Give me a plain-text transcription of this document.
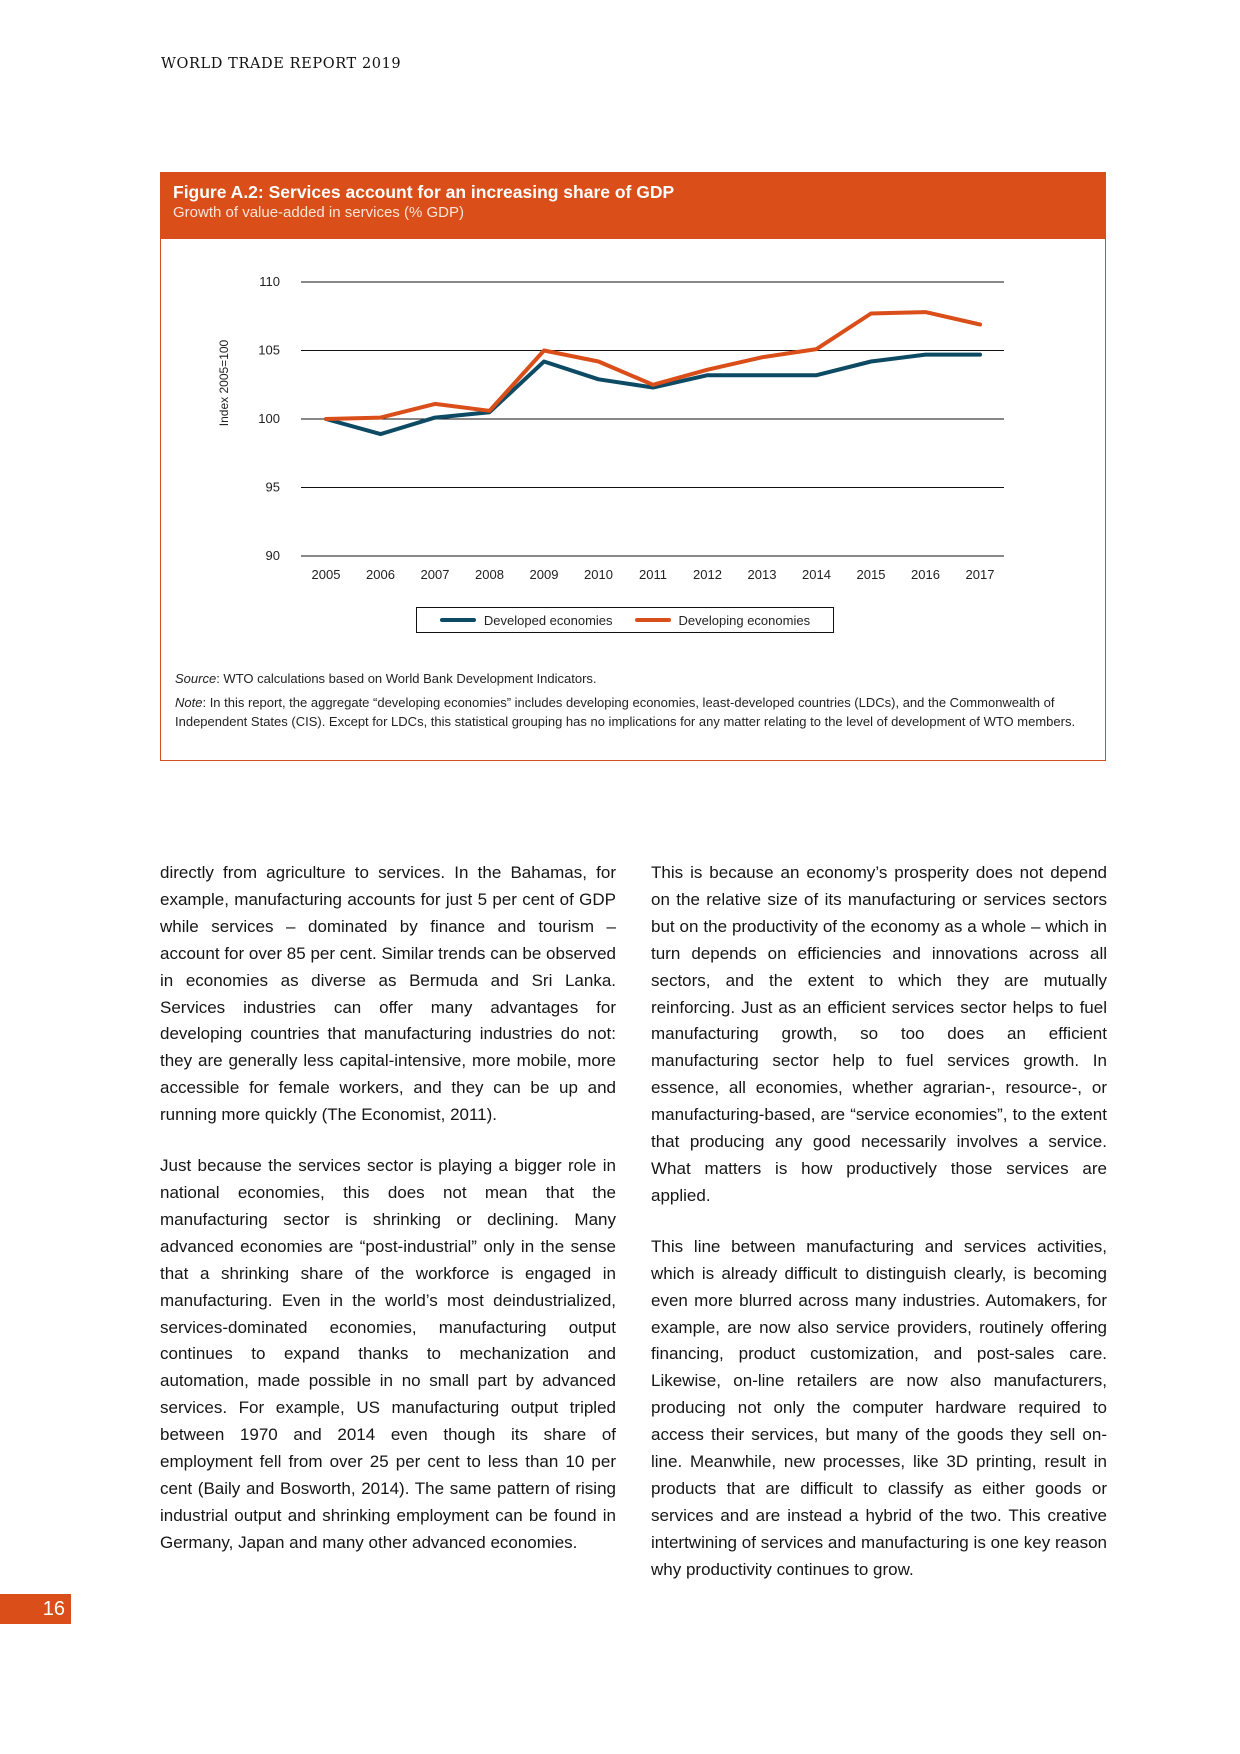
WORLD TRADE REPORT 2019
Figure A.2: Services account for an increasing share of GDP
Growth of value-added in services (% GDP)
110
105
100
95
90
2005 2006 2007 2008 2009 2010 2011 2012 2013 2014 2015 2016 2017
Index 2005=100
Developed economies	Developing economies
Source: WTO calculations based on World Bank Development Indicators.
Note: In this report, the aggregate “developing economies” includes developing economies, least-developed countries (LDCs), and the Commonwealth of Independent States (CIS). Except for LDCs, this statistical grouping has no implications for any matter relating to the level of development of WTO members.

directly from agriculture to services. In the Bahamas, for example, manufacturing accounts for just 5 per cent of GDP while services – dominated by finance and tourism – account for over 85 per cent. Similar trends can be observed in economies as diverse as Bermuda and Sri Lanka. Services industries can offer many advantages for developing countries that manufacturing industries do not: they are generally less capital-intensive, more mobile, more accessible for female workers, and they can be up and running more quickly (The Economist, 2011).

Just because the services sector is playing a bigger role in national economies, this does not mean that the manufacturing sector is shrinking or declining. Many advanced economies are “post-industrial” only in the sense that a shrinking share of the workforce is engaged in manufacturing. Even in the world’s most deindustrialized, services-dominated economies, manufacturing output continues to expand thanks to mechanization and automation, made possible in no small part by advanced services. For example, US manufacturing output tripled between 1970 and 2014 even though its share of employment fell from over 25 per cent to less than 10 per cent (Baily and Bosworth, 2014). The same pattern of rising industrial output and shrinking employment can be found in Germany, Japan and many other advanced economies.

This is because an economy’s prosperity does not depend on the relative size of its manufacturing or services sectors but on the productivity of the economy as a whole – which in turn depends on efficiencies and innovations across all sectors, and the extent to which they are mutually reinforcing. Just as an efficient services sector helps to fuel manufacturing growth, so too does an efficient manufacturing sector help to fuel services growth. In essence, all economies, whether agrarian-, resource-, or manufacturing-based, are “service economies”, to the extent that producing any good necessarily involves a service. What matters is how productively those services are applied.

This line between manufacturing and services activities, which is already difficult to distinguish clearly, is becoming even more blurred across many industries. Automakers, for example, are now also service providers, routinely offering financing, product customization, and post-sales care. Likewise, on-line retailers are now also manufacturers, producing not only the computer hardware required to access their services, but many of the goods they sell on-line. Meanwhile, new processes, like 3D printing, result in products that are difficult to classify as either goods or services and are instead a hybrid of the two. This creative intertwining of services and manufacturing is one key reason why productivity continues to grow.

16
